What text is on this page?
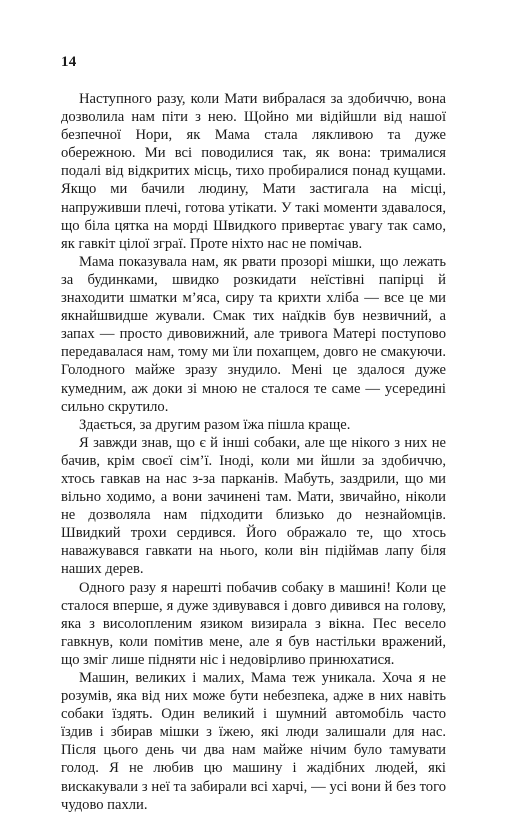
14

Наступного разу, коли Мати вибралася за здобиччю, вона дозволила нам піти з нею. Щойно ми відійшли від нашої безпечної Нори, як Мама стала лякливою та дуже обережною. Ми всі поводилися так, як вона: трималися подалі від відкритих місць, тихо пробиралися понад кущами. Якщо ми бачили людину, Мати застигала на місці, напруживши плечі, готова утікати. У такі моменти здавалося, що біла цятка на морді Швидкого привертає увагу так само, як гавкіт цілої зграї. Проте ніхто нас не помічав.

Мама показувала нам, як рвати прозорі мішки, що лежать за будинками, швидко розкидати неїстівні папірці й знаходити шматки м’яса, сиру та крихти хліба — все це ми якнайшвидше жували. Смак тих наїдків був незвичний, а запах — просто дивовижний, але тривога Матері поступово передавалася нам, тому ми їли похапцем, довго не смакуючи. Голодного майже зразу знудило. Мені це здалося дуже кумедним, аж доки зі мною не сталося те саме — усередині сильно скрутило.

Здається, за другим разом їжа пішла краще.

Я завжди знав, що є й інші собаки, але ще нікого з них не бачив, крім своєї сім’ї. Іноді, коли ми йшли за здобиччю, хтось гавкав на нас з-за парканів. Мабуть, заздрили, що ми вільно ходимо, а вони зачинені там. Мати, звичайно, ніколи не дозволяла нам підходити близько до незнайомців. Швидкий трохи сердився. Його ображало те, що хтось наважувався гавкати на нього, коли він підіймав лапу біля наших дерев.

Одного разу я нарешті побачив собаку в машині! Коли це сталося вперше, я дуже здивувався і довго дивився на голову, яка з висолопленим язиком визирала з вікна. Пес весело гавкнув, коли помітив мене, але я був настільки вражений, що зміг лише підняти ніс і недовірливо принюхатися.

Машин, великих і малих, Мама теж уникала. Хоча я не розумів, яка від них може бути небезпека, адже в них навіть собаки їздять. Один великий і шумний автомобіль часто їздив і збирав мішки з їжею, які люди залишали для нас. Після цього день чи два нам майже нічим було тамувати голод. Я не любив цю машину і жадібних людей, які вискакували з неї та забирали всі харчі, — усі вони й без того чудово пахли.
